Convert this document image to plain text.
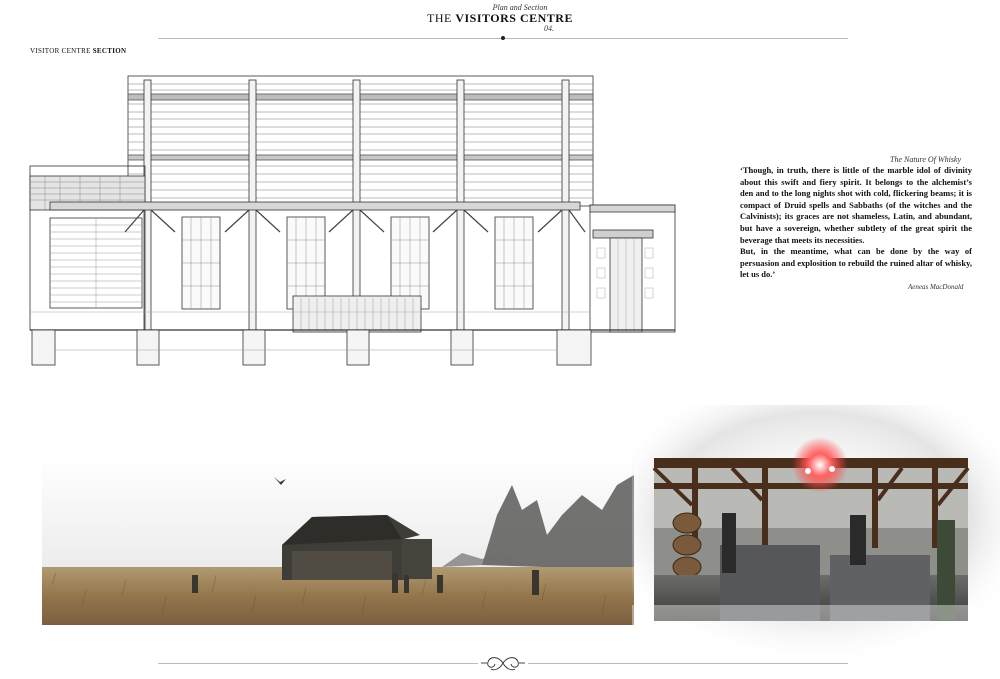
Plan and Section
THE VISITORS CENTRE
04.
VISITOR CENTRE SECTION
The Nature Of Whisky

‘Though, in truth, there is little of the marble idol of divinity about this swift and fiery spirit. It belongs to the alchemist’s den and to the long nights shot with cold, flickering beams; it is compact of Druid spells and Sabbaths (of the witches and the Calvinists); its graces are not shameless, Latin, and abundant, but have a sovereign, whether subtlety of the great spirit the beverage that meets its necessities.

But, in the meantime, what can be done by the way of persuasion and explosition to rebuild the ruined altar of whisky, let us do.’

Aeneas MacDonald
